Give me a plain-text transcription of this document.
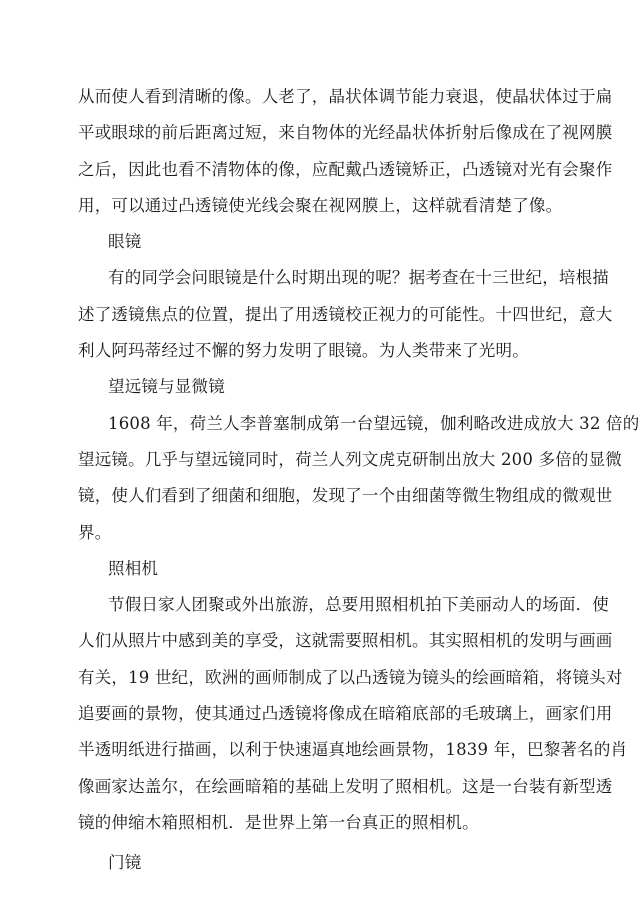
从而使人看到清晰的像。人老了，晶状体调节能力衰退，使晶状体过于扁
平或眼球的前后距离过短，来自物体的光经晶状体折射后像成在了视网膜
之后，因此也看不清物体的像，应配戴凸透镜矫正，凸透镜对光有会聚作
用，可以通过凸透镜使光线会聚在视网膜上，这样就看清楚了像。
眼镜
有的同学会问眼镜是什么时期出现的呢？据考查在十三世纪，培根描
述了透镜焦点的位置，提出了用透镜校正视力的可能性。十四世纪，意大
利人阿玛蒂经过不懈的努力发明了眼镜。为人类带来了光明。
望远镜与显微镜
1608 年，荷兰人李普塞制成第一台望远镜，伽利略改进成放大 32 倍的
望远镜。几乎与望远镜同时，荷兰人列文虎克研制出放大 200 多倍的显微
镜，使人们看到了细菌和细胞，发现了一个由细菌等微生物组成的微观世
界。
照相机
节假日家人团聚或外出旅游，总要用照相机拍下美丽动人的场面．使
人们从照片中感到美的享受，这就需要照相机。其实照相机的发明与画画
有关，19 世纪，欧洲的画师制成了以凸透镜为镜头的绘画暗箱，将镜头对
追要画的景物，使其通过凸透镜将像成在暗箱底部的毛玻璃上，画家们用
半透明纸进行描画，以利于快速逼真地绘画景物，1839 年，巴黎著名的肖
像画家达盖尔，在绘画暗箱的基础上发明了照相机。这是一台装有新型透
镜的伸缩木箱照相机．是世界上第一台真正的照相机。
门镜
